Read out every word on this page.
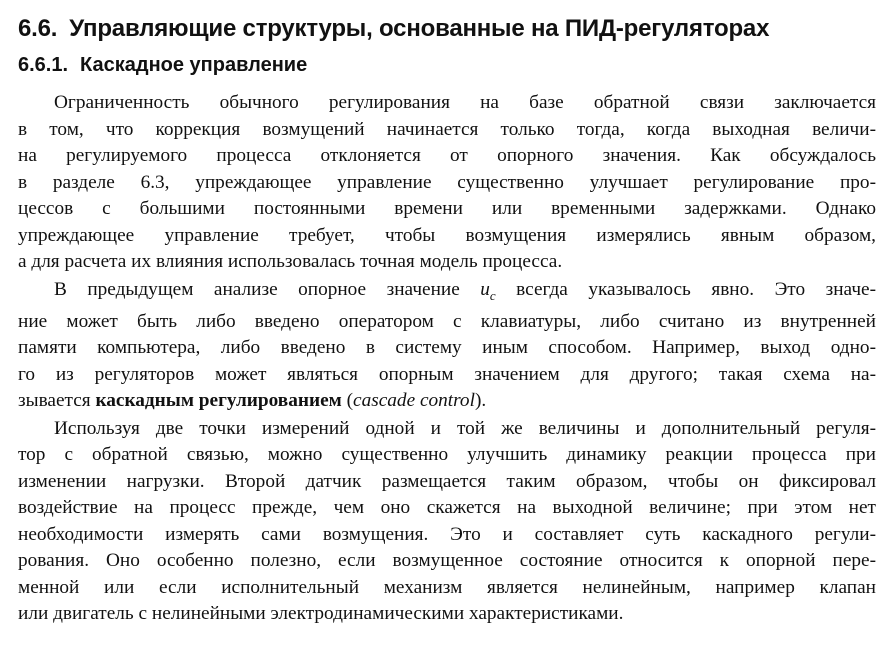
6.6. Управляющие структуры, основанные на ПИД-регуляторах
6.6.1. Каскадное управление
Ограниченность обычного регулирования на базе обратной связи заключается
в том, что коррекция возмущений начинается только тогда, когда выходная величи-
на регулируемого процесса отклоняется от опорного значения. Как обсуждалось
в разделе 6.3, упреждающее управление существенно улучшает регулирование про-
цессов с большими постоянными времени или временными задержками. Однако
упреждающее управление требует, чтобы возмущения измерялись явным образом,
а для расчета их влияния использовалась точная модель процесса.
В предыдущем анализе опорное значение $u_c$ всегда указывалось явно. Это значе-
ние может быть либо введено оператором с клавиатуры, либо считано из внутренней
памяти компьютера, либо введено в систему иным способом. Например, выход одно-
го из регуляторов может являться опорным значением для другого; такая схема на-
зывается каскадным регулированием (cascade control).
Используя две точки измерений одной и той же величины и дополнительный регуля-
тор с обратной связью, можно существенно улучшить динамику реакции процесса при
изменении нагрузки. Второй датчик размещается таким образом, чтобы он фиксировал
воздействие на процесс прежде, чем оно скажется на выходной величине; при этом нет
необходимости измерять сами возмущения. Это и составляет суть каскадного регули-
рования. Оно особенно полезно, если возмущенное состояние относится к опорной пере-
менной или если исполнительный механизм является нелинейным, например клапан
или двигатель с нелинейными электродинамическими характеристиками.
